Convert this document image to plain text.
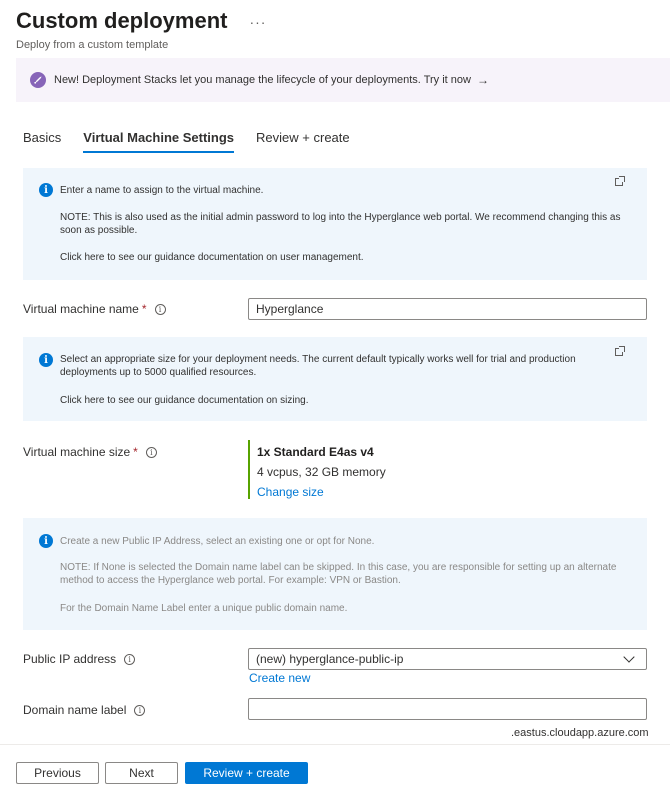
Custom deployment ···
Deploy from a custom template
New! Deployment Stacks let you manage the lifecycle of your deployments. Try it now →
Basics Virtual Machine Settings Review + create
i	Enter a name to assign to the virtual machine.
NOTE: This is also used as the initial admin password to log into the Hyperglance web portal. We recommend changing this as soon as possible.
Click here to see our guidance documentation on user management.
Virtual machine name *	i	Hyperglance
i	Select an appropriate size for your deployment needs. The current default typically works well for trial and production deployments up to 5000 qualified resources.
Click here to see our guidance documentation on sizing.
Virtual machine size *	i	1x Standard E4as v4
4 vcpus, 32 GB memory
Change size
i	Create a new Public IP Address, select an existing one or opt for None.
NOTE: If None is selected the Domain name label can be skipped. In this case, you are responsible for setting up an alternate method to access the Hyperglance web portal. For example: VPN or Bastion.
For the Domain Name Label enter a unique public domain name.
Public IP address	i	(new) hyperglance-public-ip
Create new
Domain name label	i
.eastus.cloudapp.azure.com
Previous	Next	Review + create
